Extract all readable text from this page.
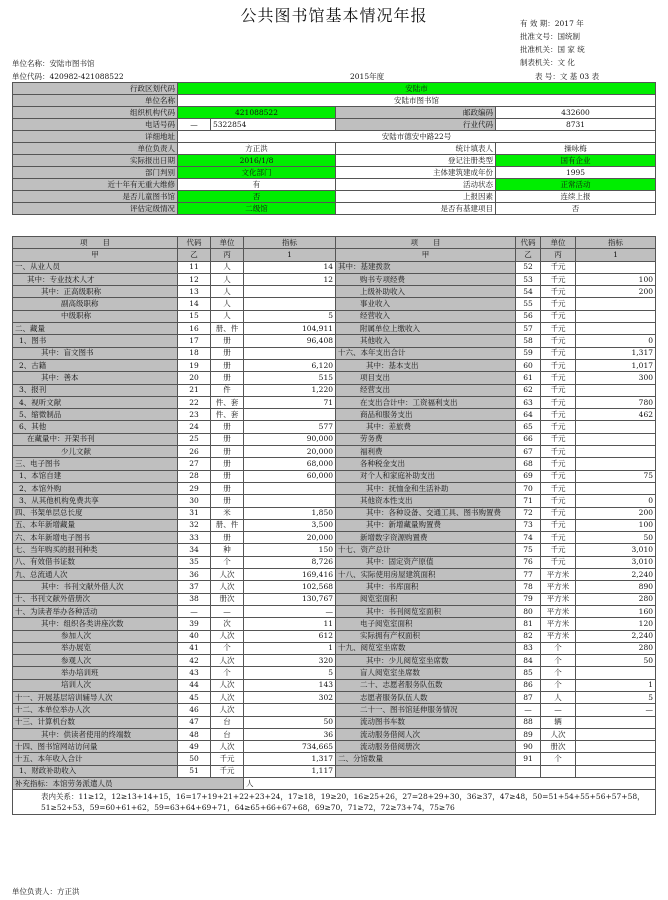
公共图书馆基本情况年报	有 效 期：2017 年
批准文号：国统制
批准机关：国 家 统
制表机关：文 化
单位名称：安陆市图书馆
单位代码：420982-421088522	2015年度	表 号：文 基 03 表
行政区划代码	安陆市			
单位名称	安陆市图书馆			
组织机构代码	421088522		邮政编码	432600
电话号码	—	5322854	行业代码	8731
详细地址	安陆市德安中路22号			
单位负责人	方正洪		统计填表人	操咏梅
实际报出日期	2016/1/8		登记注册类型	国有企业
部门判别	文化部门		主体建筑建成年份	1995
近十年有无重大维修	有		活动状态	正常活动
是否儿童图书馆	否		上报因素	连续上报
评估定级情况	二级馆		是否有基建项目	否
项　　目	代码	单位	指标	项　　目	代码	单位	指标
甲	乙	丙	1	甲	乙	丙	1
一、从业人员	11	人	14	其中：基建拨款	52	千元	
其中：专业技术人才	12	人	12	购书专项经费	53	千元	100
其中：正高级职称	13	人		上级补助收入	54	千元	200
副高级职称	14	人		事业收入	55	千元	
中级职称	15	人	5	经营收入	56	千元	
二、藏量	16	册、件	104,911	附属单位上缴收入	57	千元	
1、图书	17	册	96,408	其他收入	58	千元	0
其中：盲文图书	18	册		十六、本年支出合计	59	千元	1,317
2、古籍	19	册	6,120	其中：基本支出	60	千元	1,017
其中：善本	20	册	515	项目支出	61	千元	300
3、报刊	21	件	1,220	经营支出	62	千元	
4、视听文献	22	件、套	71	在支出合计中：工资福利支出	63	千元	780
5、缩微制品	23	件、套		商品和服务支出	64	千元	462
6、其他	24	册	577	其中：差旅费	65	千元	
在藏量中：开架书刊	25	册	90,000	劳务费	66	千元	
少儿文献	26	册	20,000	福利费	67	千元	
三、电子图书	27	册	68,000	各种税金支出	68	千元	
1、本馆自建	28	册	60,000	对个人和家庭补助支出	69	千元	75
2、本馆外购	29	册		其中：抚恤金和生活补助	70	千元	
3、从其他机构免费共享	30	册		其他资本性支出	71	千元	0
四、书架单层总长度	31	米	1,850	其中：各种设备、交通工具、图书购置费	72	千元	200
五、本年新增藏量	32	册、件	3,500	其中：新增藏量购置费	73	千元	100
六、本年新增电子图书	33	册	20,000	新增数字资源购置费	74	千元	50
七、当年购买的报刊种类	34	种	150	十七、资产总计	75	千元	3,010
八、有效借书证数	35	个	8,726	其中：固定资产原值	76	千元	3,010
九、总流通人次	36	人次	169,416	十八、实际使用房屋建筑面积	77	平方米	2,240
其中：书刊文献外借人次	37	人次	102,568	其中：书库面积	78	平方米	890
十、书刊文献外借册次	38	册次	130,767	阅览室面积	79	平方米	280
十、为读者举办各种活动	—	—	—	其中：书刊阅览室面积	80	平方米	160
其中：组织各类讲座次数	39	次	11	电子阅览室面积	81	平方米	120
参加人次	40	人次	612	实际拥有产权面积	82	平方米	2,240
举办展览	41	个	1	十九、阅览室坐席数	83	个	280
参观人次	42	人次	320	其中：少儿阅览室坐席数	84	个	50
举办培训班	43	个	5	盲人阅览室坐席数	85	个	
培训人次	44	人次	143	二十、志愿者服务队伍数	86	个	1
十一、开展基层培训辅导人次	45	人次	302	志愿者服务队伍人数	87	人	5
十二、本单位举办人次	46	人次		二十一、图书馆延伸服务情况	—	—	—
十三、计算机台数	47	台	50	流动图书车数	88	辆	
其中：供读者使用的终端数	48	台	36	流动服务借阅人次	89	人次	
十四、图书馆网站访问量	49	人次	734,665	流动服务借阅册次	90	册次	
十五、本年收入合计	50	千元	1,317	二、分馆数量	91	个	
1、财政补助收入	51	千元	1,117				
补充指标：本馆劳务派遣人员			人				
表内关系：11≥12，12≥13+14+15，16=17+19+21+22+23+24，17≥18，19≥20，16≥25+26，27=28+29+30，36≥37，47≥48，50=51+54+55+56+57+58，51≥52+53，59=60+61+62，59=63+64+69+71，64≥65+66+67+68，69≥70，71≥72，72≥73+74，75≥76							
单位负责人：方正洪
